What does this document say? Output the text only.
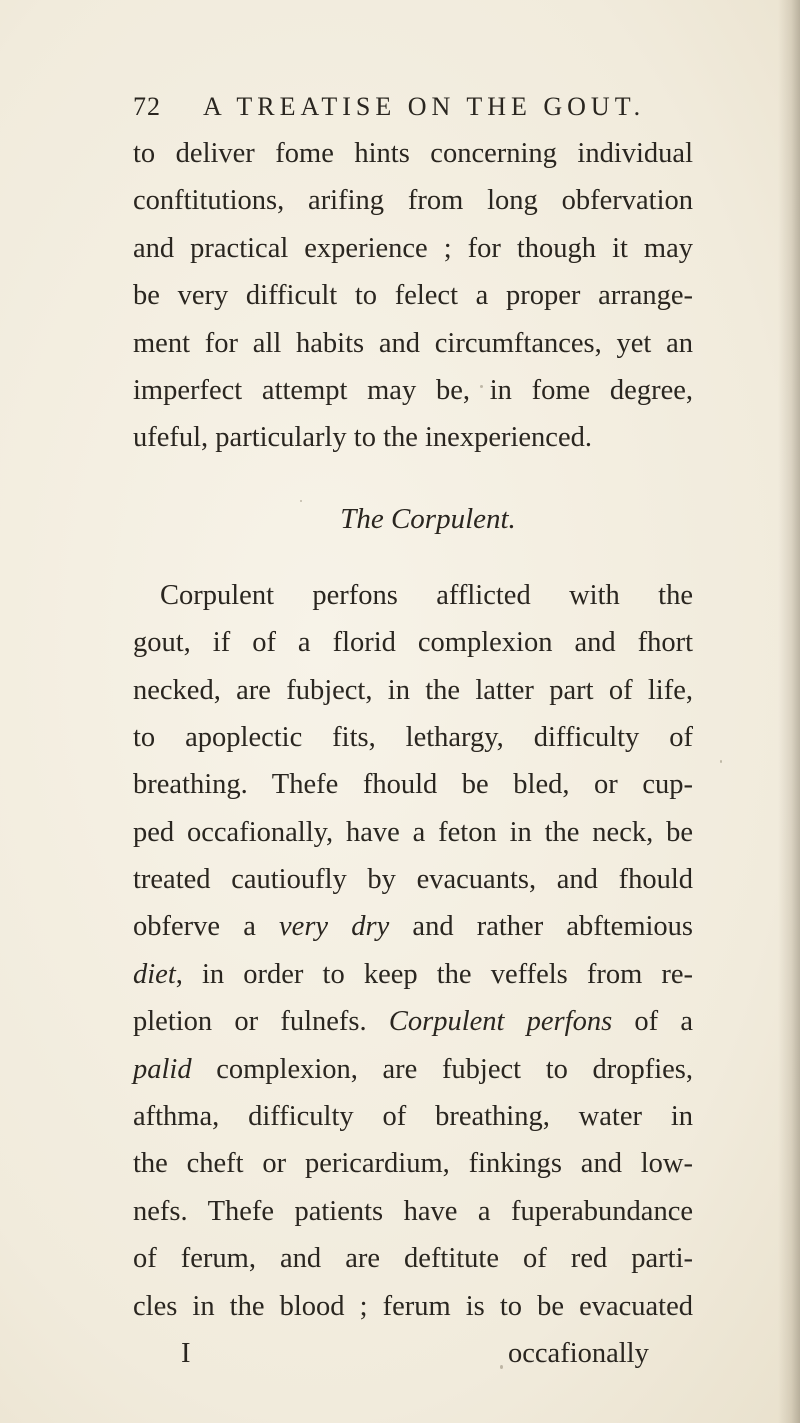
72 A TREATISE ON THE GOUT.
to deliver fome hints concerning individual
conftitutions, arifing from long obfervation
and practical experience ; for though it may
be very difficult to felect a proper arrange-
ment for all habits and circumftances, yet an
imperfect attempt may be, in fome degree,
ufeful, particularly to the inexperienced.
The Corpulent.
Corpulent perfons afflicted with the
gout, if of a florid complexion and fhort
necked, are fubject, in the latter part of life,
to apoplectic fits, lethargy, difficulty of
breathing. Thefe fhould be bled, or cup-
ped occafionally, have a feton in the neck, be
treated cautioufly by evacuants, and fhould
obferve a very dry and rather abftemious
diet, in order to keep the veffels from re-
pletion or fulnefs. Corpulent perfons of a
palid complexion, are fubject to dropfies,
afthma, difficulty of breathing, water in
the cheft or pericardium, finkings and low-
nefs. Thefe patients have a fuperabundance
of ferum, and are deftitute of red parti-
cles in the blood ; ferum is to be evacuated
I	occafionally
